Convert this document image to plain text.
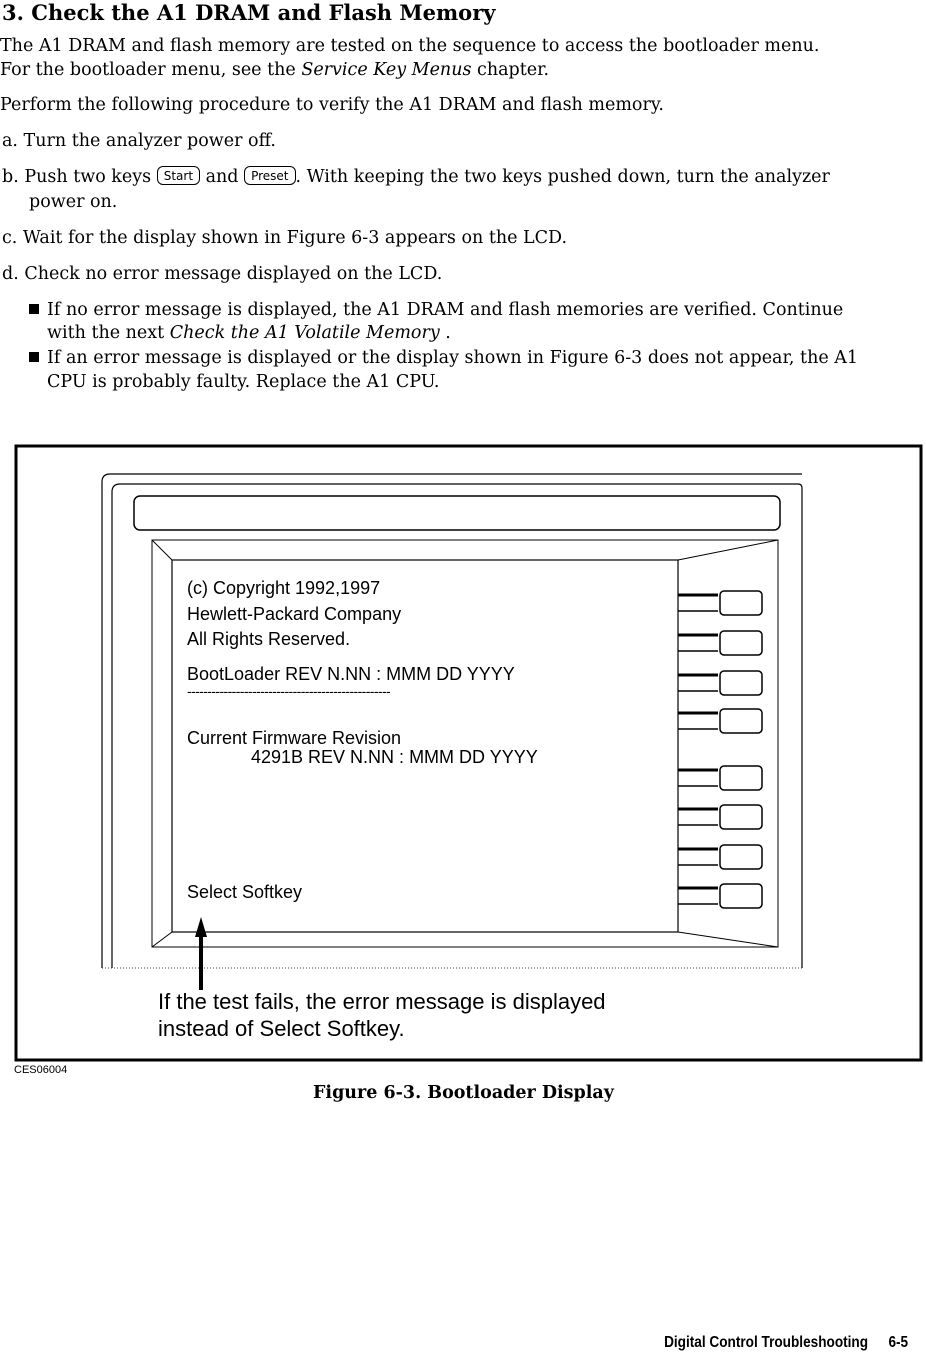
3. Check the A1 DRAM and Flash Memory
The A1 DRAM and flash memory are tested on the sequence to access the bootloader menu.
For the bootloader menu, see the Service Key Menus chapter.
Perform the following procedure to verify the A1 DRAM and flash memory.
a. Turn the analyzer power off.
b. Push two keys Start and Preset . With keeping the two keys pushed down, turn the analyzer
power on.
c. Wait for the display shown in Figure 6-3 appears on the LCD.
d. Check no error message displayed on the LCD.
If no error message is displayed, the A1 DRAM and flash memories are verified. Continue
with the next Check the A1 Volatile Memory .
If an error message is displayed or the display shown in Figure 6-3 does not appear, the A1
CPU is probably faulty. Replace the A1 CPU.
(c) Copyright 1992,1997
Hewlett-Packard Company
All Rights Reserved.
BootLoader REV N.NN : MMM DD YYYY
--------------------------------------------------
Current Firmware Revision
4291B REV N.NN : MMM DD YYYY
Select Softkey
If the test fails, the error message is displayed
instead of Select Softkey.
CES06004
Figure 6-3. Bootloader Display
Digital Control Troubleshooting 6-5
